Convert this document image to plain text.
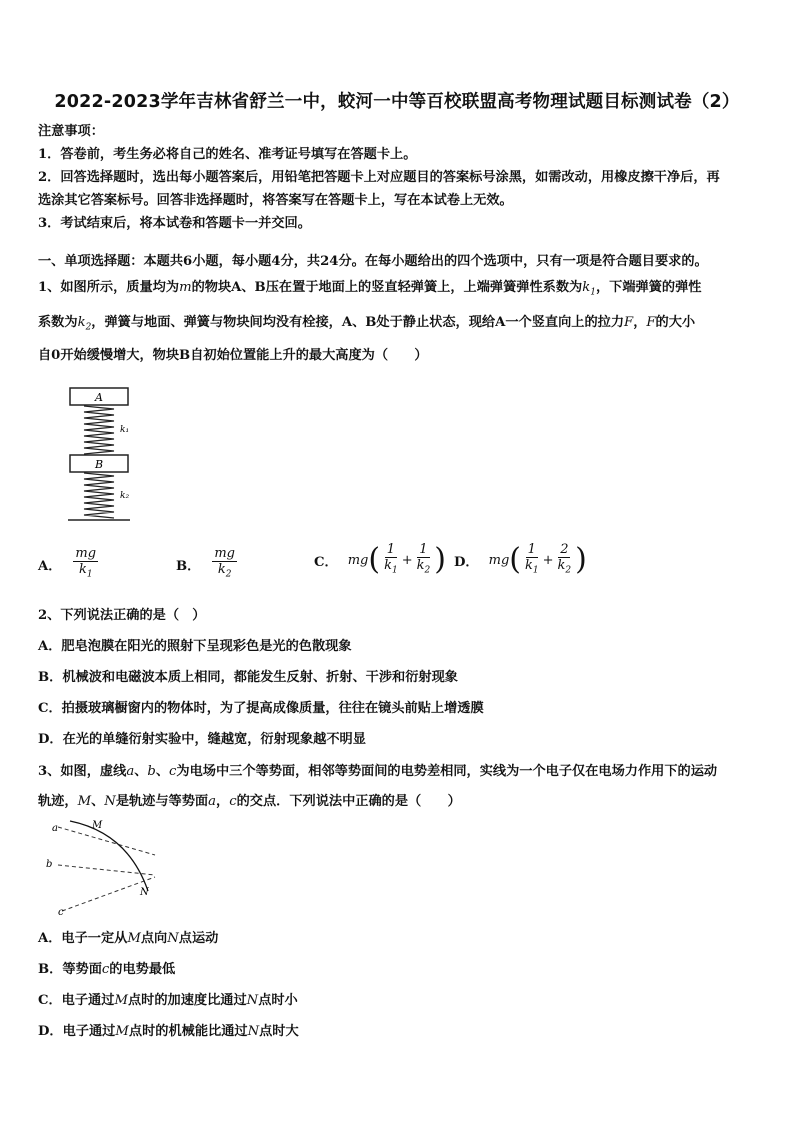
2022-2023学年吉林省舒兰一中，蛟河一中等百校联盟高考物理试题目标测试卷（2）
注意事项：
1．答卷前，考生务必将自己的姓名、准考证号填写在答题卡上。
2．回答选择题时，选出每小题答案后，用铅笔把答题卡上对应题目的答案标号涂黑，如需改动，用橡皮擦干净后，再
选涂其它答案标号。回答非选择题时，将答案写在答题卡上，写在本试卷上无效。
3．考试结束后，将本试卷和答题卡一并交回。
一、单项选择题：本题共6小题，每小题4分，共24分。在每小题给出的四个选项中，只有一项是符合题目要求的。
1、如图所示，质量均为m的物块A、B压在置于地面上的竖直轻弹簧上，上端弹簧弹性系数为$k_1$，下端弹簧的弹性
系数为$k_2$，弹簧与地面、弹簧与物块间均没有栓接，A、B处于静止状态，现给A一个竖直向上的拉力F，F的大小
自0开始缓慢增大，物块B自初始位置能上升的最大高度为（　　）
A
k₁
B
k₂
A． $\frac{mg}{k_1}$	B． $\frac{mg}{k_2}$	C． mg ( $\frac{1}{k_1} + \frac{1}{k_2}$ ) D． mg ( $\frac{1}{k_1} + \frac{2}{k_2}$ )
2、下列说法正确的是（　）
A．肥皂泡膜在阳光的照射下呈现彩色是光的色散现象
B．机械波和电磁波本质上相同，都能发生反射、折射、干涉和衍射现象
C．拍摄玻璃橱窗内的物体时，为了提高成像质量，往往在镜头前贴上增透膜
D．在光的单缝衍射实验中，缝越宽，衍射现象越不明显
3、如图，虚线a、b、c为电场中三个等势面，相邻等势面间的电势差相同，实线为一个电子仅在电场力作用下的运动
轨迹，M、N是轨迹与等势面a，c的交点．下列说法中正确的是（　　）
a
b
c
M
N
A．电子一定从M点向N点运动
B．等势面c的电势最低
C．电子通过M点时的加速度比通过N点时小
D．电子通过M点时的机械能比通过N点时大
